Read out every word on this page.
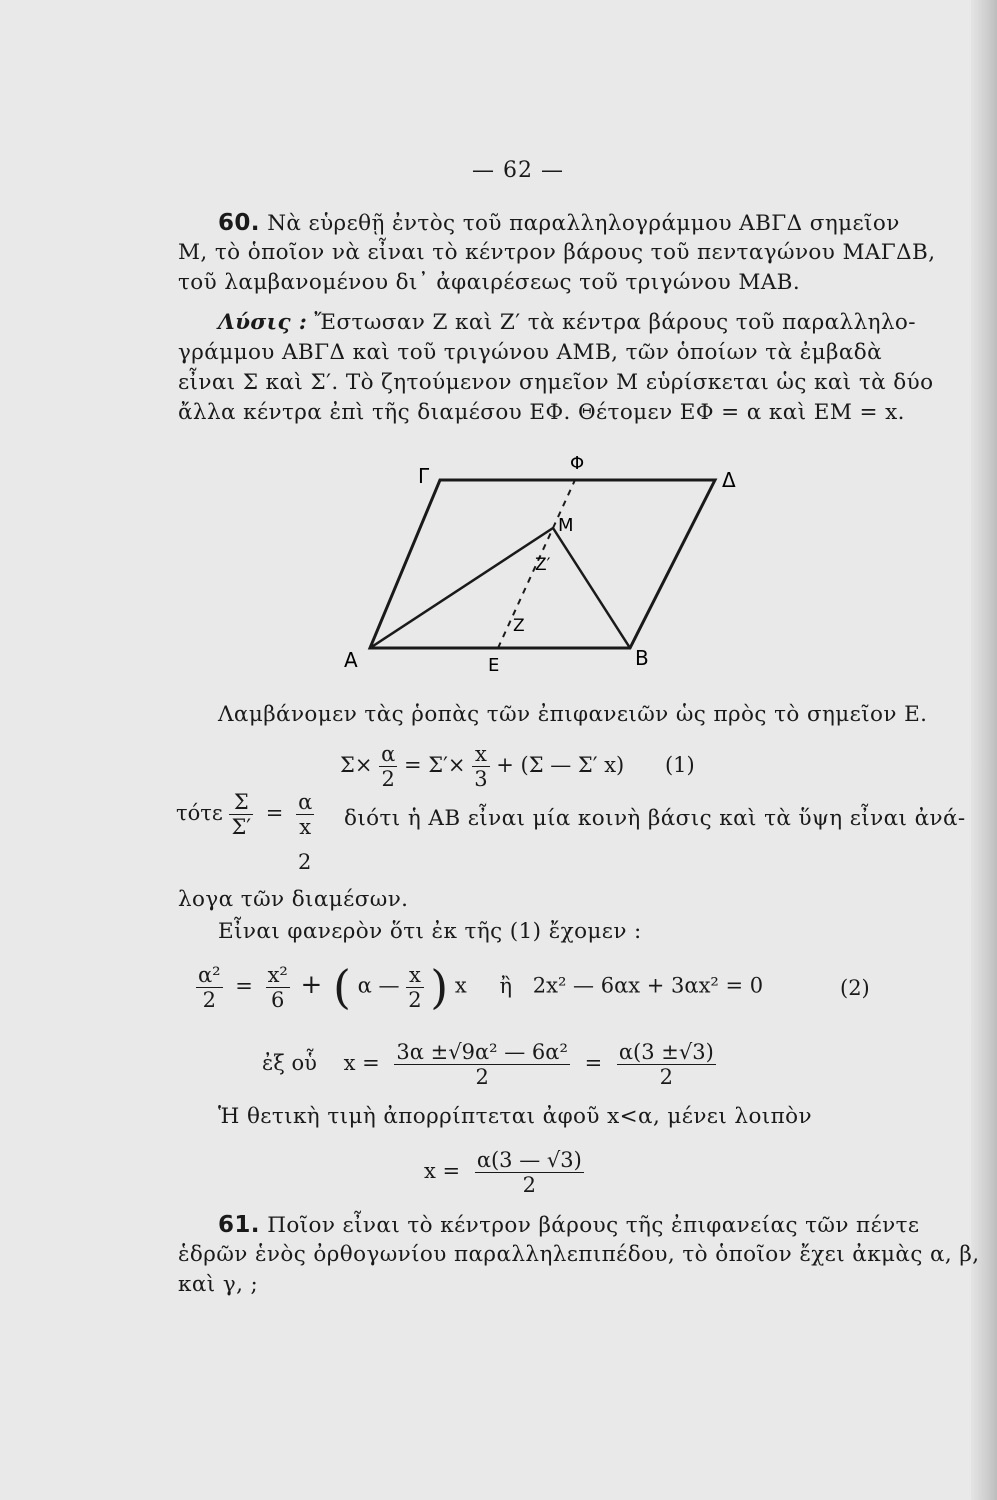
— 62 —
60. Νὰ εὑρεθῇ ἐντὸς τοῦ παραλληλογράμμου ΑΒΓΔ σημεῖον
Μ, τὸ ὁποῖον νὰ εἶναι τὸ κέντρον βάρους τοῦ πενταγώνου ΜΑΓΔΒ,
τοῦ λαμβανομένου δι᾿ ἀφαιρέσεως τοῦ τριγώνου ΜΑΒ.
Λύσις : Ἔστωσαν Ζ καὶ Ζ′ τὰ κέντρα βάρους τοῦ παραλληλο-
γράμμου ΑΒΓΔ καὶ τοῦ τριγώνου ΑΜΒ, τῶν ὁποίων τὰ ἐμβαδὰ
εἶναι Σ καὶ Σ′. Τὸ ζητούμενον σημεῖον Μ εὑρίσκεται ὡς καὶ τὰ δύο
ἄλλα κέντρα ἐπὶ τῆς διαμέσου ΕΦ. Θέτομεν ΕΦ = α καὶ ΕΜ = x.
Α	Β
Γ	Δ
Ε
Φ
Μ
Ζ′
Ζ
Λαμβάνομεν τὰς ῥοπὰς τῶν ἐπιφανειῶν ὡς πρὸς τὸ σημεῖον Ε.
$\Sigma\times \frac{\alpha}{2} = \Sigma'\times \frac{x}{3} + (\Sigma$ — Σ′ x) (1)
τότε $\frac{\Sigma}{\Sigma'} = \frac{\alpha}{x}$
2
διότι ἡ ΑΒ εἶναι μία κοινὴ βάσις καὶ τὰ ὕψη εἶναι ἀνά-
λογα τῶν διαμέσων.
Εἶναι φανερὸν ὅτι ἐκ τῆς (1) ἔχομεν :
$\frac{\text{α²}}{2} = \frac{\text{x²}}{6}$ + ( α — $\frac{x}{2}$ ) x ἢ 2x² — 6αx + 3αx² = 0	(2)
ἐξ οὗ $x = \frac{\text{3α ±√9α² — 6α²}}{2} = \frac{\alpha(3 \pm√3)}{2}$
Ἡ θετικὴ τιμὴ ἀπορρίπτεται ἀφοῦ x<α, μένει λοιπὸν
$x = \frac{\alpha(3 — √3)}{2}$
61. Ποῖον εἶναι τὸ κέντρον βάρους τῆς ἐπιφανείας τῶν πέντε
ἑδρῶν ἑνὸς ὀρθογωνίου παραλληλεπιπέδου, τὸ ὁποῖον ἔχει ἀκμὰς α, β,
καὶ γ, ;
